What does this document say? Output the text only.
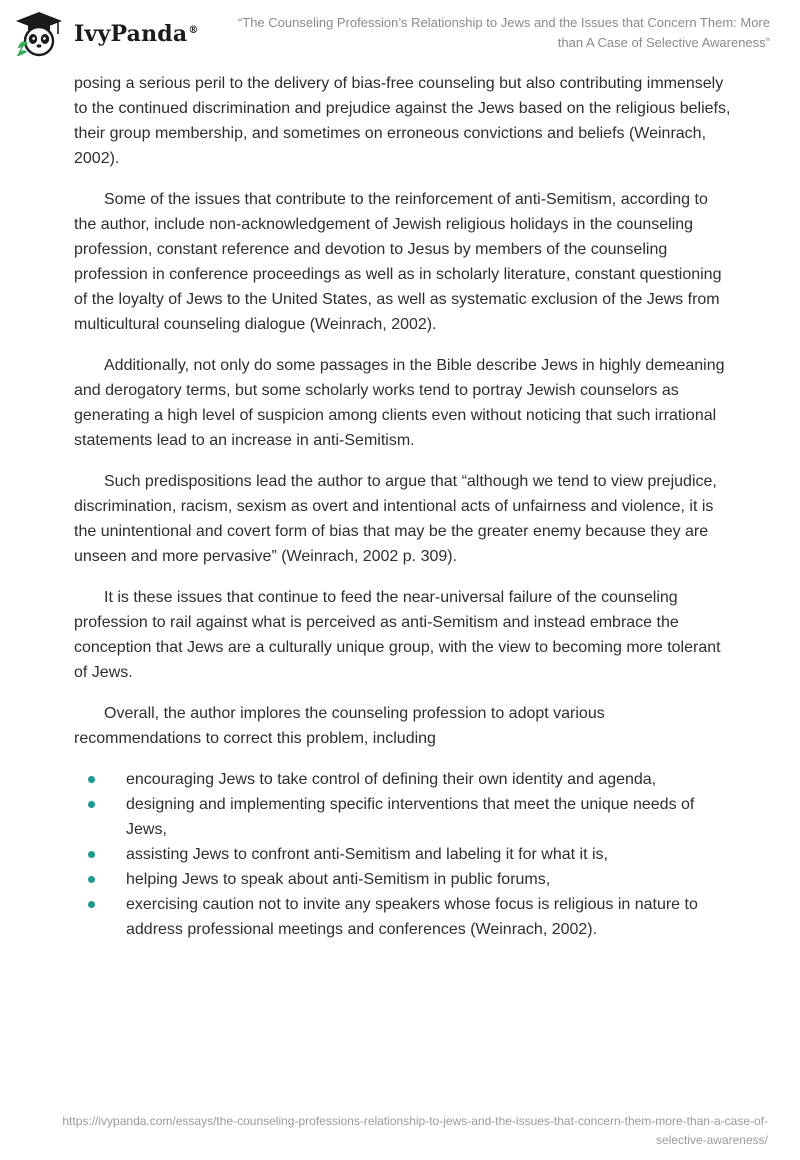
IvyPanda®
“The Counseling Profession’s Relationship to Jews and the Issues that Concern Them: More than A Case of Selective Awareness”

posing a serious peril to the delivery of bias-free counseling but also contributing immensely to the continued discrimination and prejudice against the Jews based on the religious beliefs, their group membership, and sometimes on erroneous convictions and beliefs (Weinrach, 2002).

Some of the issues that contribute to the reinforcement of anti-Semitism, according to the author, include non-acknowledgement of Jewish religious holidays in the counseling profession, constant reference and devotion to Jesus by members of the counseling profession in conference proceedings as well as in scholarly literature, constant questioning of the loyalty of Jews to the United States, as well as systematic exclusion of the Jews from multicultural counseling dialogue (Weinrach, 2002).

Additionally, not only do some passages in the Bible describe Jews in highly demeaning and derogatory terms, but some scholarly works tend to portray Jewish counselors as generating a high level of suspicion among clients even without noticing that such irrational statements lead to an increase in anti-Semitism.

Such predispositions lead the author to argue that “although we tend to view prejudice, discrimination, racism, sexism as overt and intentional acts of unfairness and violence, it is the unintentional and covert form of bias that may be the greater enemy because they are unseen and more pervasive” (Weinrach, 2002 p. 309).

It is these issues that continue to feed the near-universal failure of the counseling profession to rail against what is perceived as anti-Semitism and instead embrace the conception that Jews are a culturally unique group, with the view to becoming more tolerant of Jews.

Overall, the author implores the counseling profession to adopt various recommendations to correct this problem, including

encouraging Jews to take control of defining their own identity and agenda,
designing and implementing specific interventions that meet the unique needs of Jews,
assisting Jews to confront anti-Semitism and labeling it for what it is,
helping Jews to speak about anti-Semitism in public forums,
exercising caution not to invite any speakers whose focus is religious in nature to address professional meetings and conferences (Weinrach, 2002).
https://ivypanda.com/essays/the-counseling-professions-relationship-to-jews-and-the-issues-that-concern-them-more-than-a-case-of-selective-awareness/
